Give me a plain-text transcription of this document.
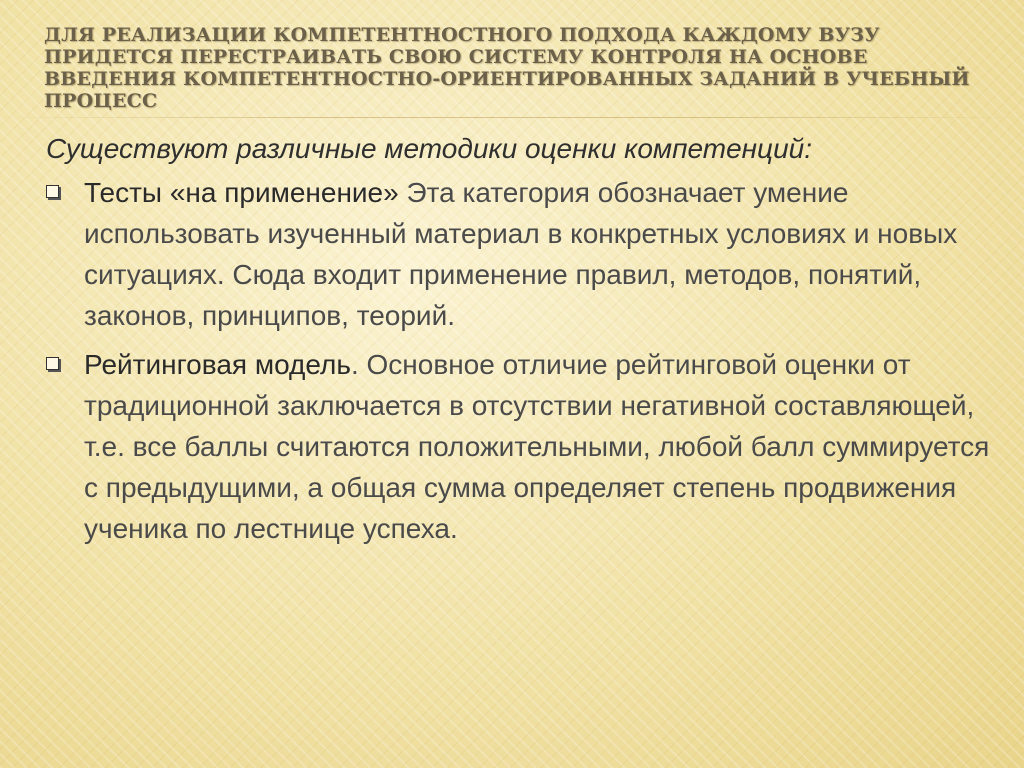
ДЛЯ РЕАЛИЗАЦИИ КОМПЕТЕНТНОСТНОГО ПОДХОДА КАЖДОМУ ВУЗУ ПРИДЕТСЯ ПЕРЕСТРАИВАТЬ СВОЮ СИСТЕМУ КОНТРОЛЯ НА ОСНОВЕ ВВЕДЕНИЯ КОМПЕТЕНТНОСТНО-ОРИЕНТИРОВАННЫХ ЗАДАНИЙ В УЧЕБНЫЙ ПРОЦЕСС

Существуют различные методики оценки компетенций:

Тесты «на применение» Эта категория обозначает умение использовать изученный материал в конкретных условиях и новых ситуациях. Сюда входит применение правил, методов, понятий, законов, принципов, теорий.
Рейтинговая модель. Основное отличие рейтинговой оценки от традиционной заключается в отсутствии негативной составляющей, т.е. все баллы считаются положительными, любой балл суммируется с предыдущими, а общая сумма определяет степень продвижения ученика по лестнице успеха.
